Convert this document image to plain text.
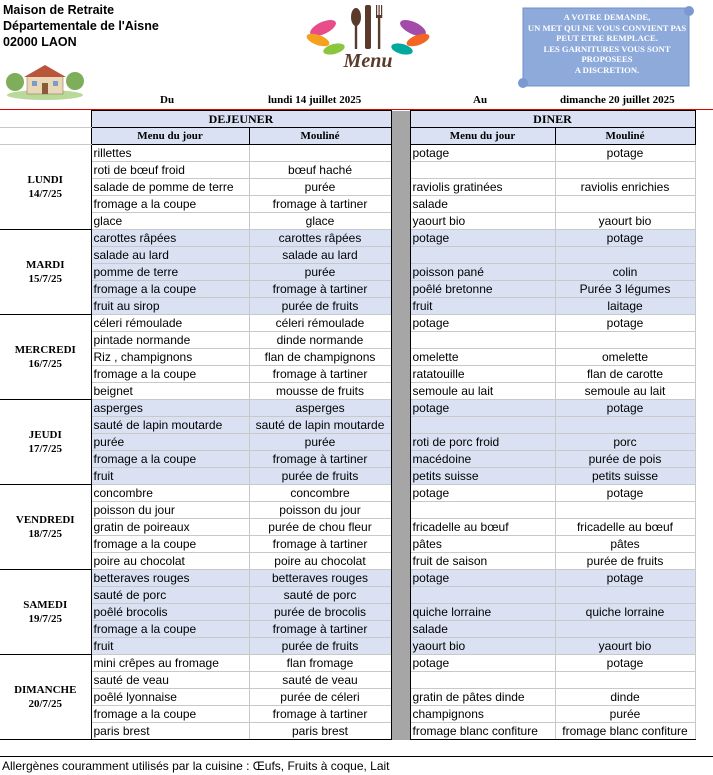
Maison de Retraite
Départementale de l'Aisne
02000 LAON
Menu
A VOTRE DEMANDE,
UN MET QUI NE VOUS CONVIENT PAS
PEUT ETRE REMPLACE.
LES GARNITURES VOUS SONT
PROPOSEES
A DISCRETION.
Du	lundi 14 juillet 2025	Au	dimanche 20 juillet 2025
	DEJEUNER			DINER	
	Menu du jour	Mouliné		Menu du jour	Mouliné

LUNDI
14/7/25	rillettes			potage	potage
	roti de bœuf froid	bœuf haché			
	salade de pomme de terre	purée		raviolis gratinées	raviolis enrichies
	fromage a la coupe	fromage à tartiner		salade	
	glace	glace		yaourt bio	yaourt bio

MARDI
15/7/25	carottes râpées	carottes râpées		potage	potage
	salade au lard	salade au lard			
	pomme de terre	purée		poisson pané	colin
	fromage a la coupe	fromage à tartiner		poêlé bretonne	Purée 3 légumes
	fruit au sirop	purée de fruits		fruit	laitage

MERCREDI
16/7/25	céleri rémoulade	céleri rémoulade		potage	potage
	pintade normande	dinde normande			
	Riz , champignons	flan de champignons		omelette	omelette
	fromage a la coupe	fromage à tartiner		ratatouille	flan de carotte
	beignet	mousse de fruits		semoule au lait	semoule au lait

JEUDI
17/7/25	asperges	asperges		potage	potage
	sauté de lapin moutarde	sauté de lapin moutarde			
	purée	purée		roti de porc froid	porc
	fromage a la coupe	fromage à tartiner		macédoine	purée de pois
	fruit	purée de fruits		petits suisse	petits suisse

VENDREDI
18/7/25	concombre	concombre		potage	potage
	poisson du jour	poisson du jour			
	gratin de poireaux	purée de chou fleur		fricadelle au bœuf	fricadelle au bœuf
	fromage a la coupe	fromage à tartiner		pâtes	pâtes
	poire au chocolat	poire au chocolat		fruit de saison	purée de fruits

SAMEDI
19/7/25	betteraves rouges	betteraves rouges		potage	potage
	sauté de porc	sauté de porc			
	poêlé brocolis	purée de brocolis		quiche lorraine	quiche lorraine
	fromage a la coupe	fromage à tartiner		salade	
	fruit	purée de fruits		yaourt bio	yaourt bio

DIMANCHE
20/7/25	mini crêpes au fromage	flan fromage		potage	potage
	sauté de veau	sauté de veau			
	poêlé lyonnaise	purée de céleri		gratin de pâtes dinde	dinde
	fromage a la coupe	fromage à tartiner		champignons	purée
	paris brest	paris brest		fromage blanc confiture	fromage blanc confiture
Allergènes couramment utilisés par la cuisine : Œufs, Fruits à coque, Lait
